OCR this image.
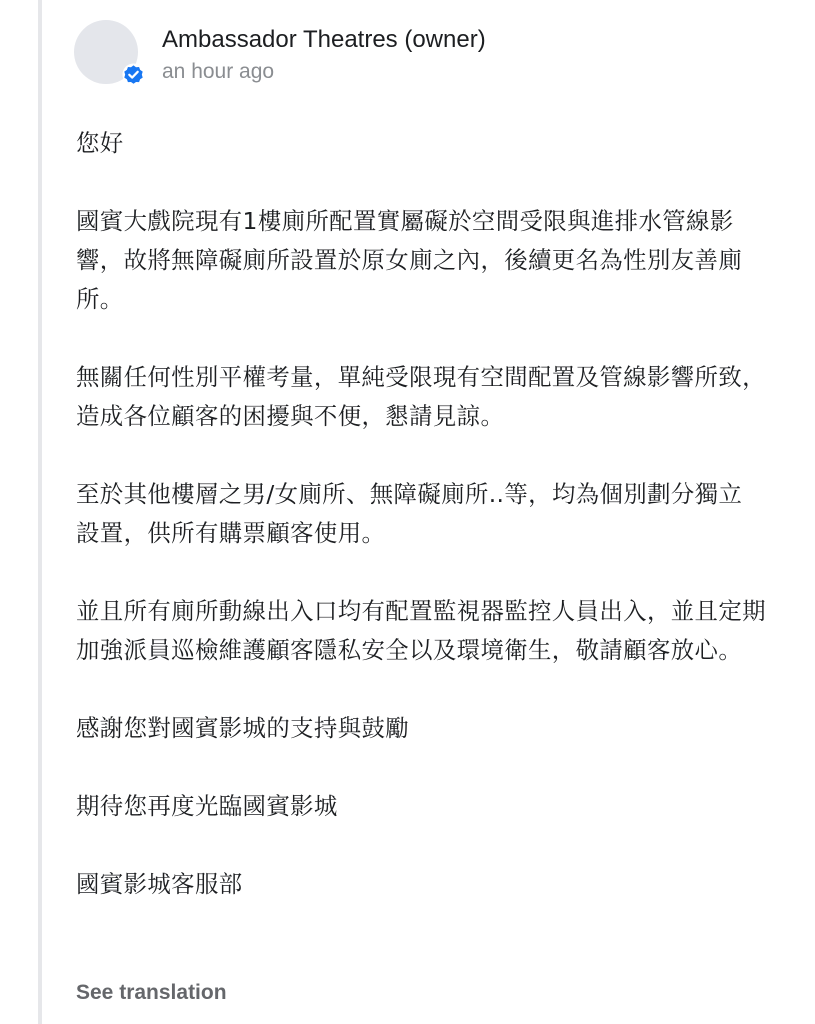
Ambassador Theatres (owner)
an hour ago

您好

國賓大戲院現有1樓廁所配置實屬礙於空間受限與進排水管線影響，故將無障礙廁所設置於原女廁之內，後續更名為性別友善廁所。

無關任何性別平權考量，單純受限現有空間配置及管線影響所致，造成各位顧客的困擾與不便，懇請見諒。

至於其他樓層之男/女廁所、無障礙廁所..等，均為個別劃分獨立設置，供所有購票顧客使用。

並且所有廁所動線出入口均有配置監視器監控人員出入，並且定期加強派員巡檢維護顧客隱私安全以及環境衛生，敬請顧客放心。

感謝您對國賓影城的支持與鼓勵

期待您再度光臨國賓影城

國賓影城客服部

See translation
